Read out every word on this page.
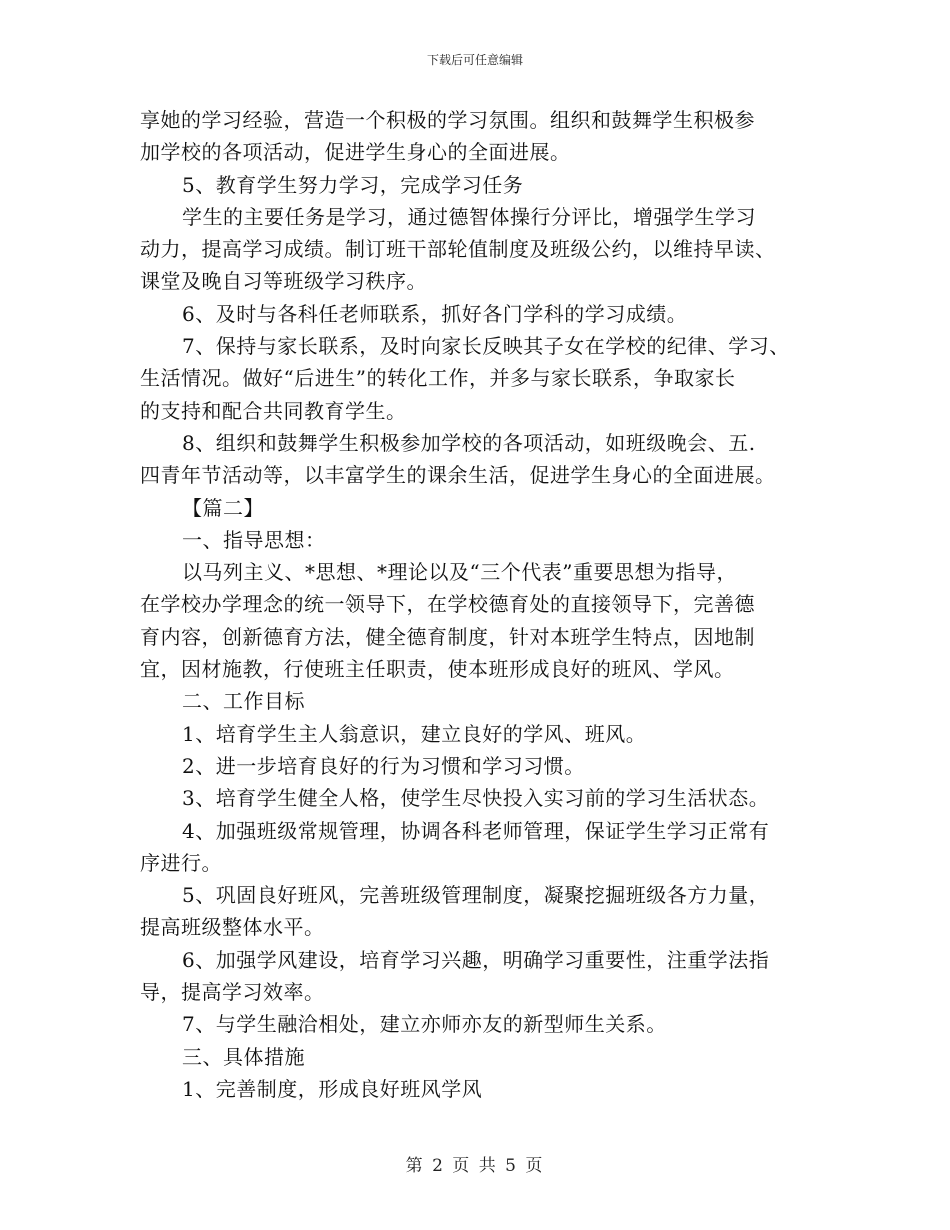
下载后可任意编辑
享她的学习经验，营造一个积极的学习氛围。组织和鼓舞学生积极参
加学校的各项活动，促进学生身心的全面进展。
5、教育学生努力学习，完成学习任务
学生的主要任务是学习，通过德智体操行分评比，增强学生学习
动力，提高学习成绩。制订班干部轮值制度及班级公约，以维持早读、
课堂及晚自习等班级学习秩序。
6、及时与各科任老师联系，抓好各门学科的学习成绩。
7、保持与家长联系，及时向家长反映其子女在学校的纪律、学习、
生活情况。做好“后进生”的转化工作，并多与家长联系，争取家长
的支持和配合共同教育学生。
8、组织和鼓舞学生积极参加学校的各项活动，如班级晚会、五.
四青年节活动等，以丰富学生的课余生活，促进学生身心的全面进展。
【篇二】
一、指导思想：
以马列主义、*思想、*理论以及“三个代表”重要思想为指导，
在学校办学理念的统一领导下，在学校德育处的直接领导下，完善德
育内容，创新德育方法，健全德育制度，针对本班学生特点，因地制
宜，因材施教，行使班主任职责，使本班形成良好的班风、学风。
二、工作目标
1、培育学生主人翁意识，建立良好的学风、班风。
2、进一步培育良好的行为习惯和学习习惯。
3、培育学生健全人格，使学生尽快投入实习前的学习生活状态。
4、加强班级常规管理，协调各科老师管理，保证学生学习正常有
序进行。
5、巩固良好班风，完善班级管理制度，凝聚挖掘班级各方力量，
提高班级整体水平。
6、加强学风建设，培育学习兴趣，明确学习重要性，注重学法指
导，提高学习效率。
7、与学生融洽相处，建立亦师亦友的新型师生关系。
三、具体措施
1、完善制度，形成良好班风学风
第 2 页 共 5 页
